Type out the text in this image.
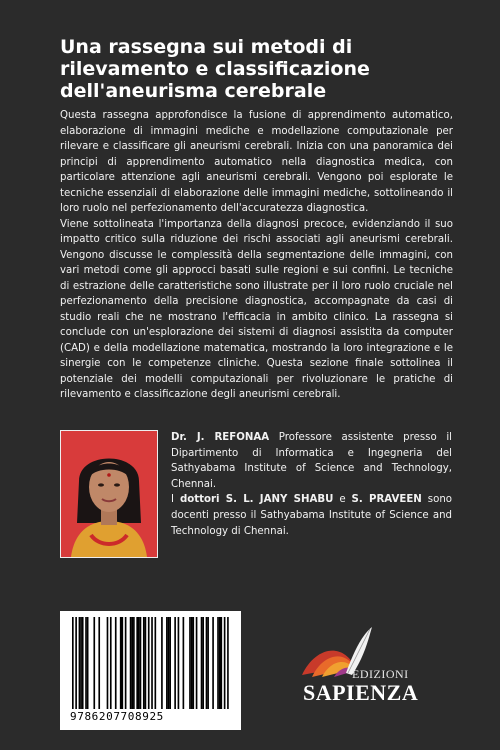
Una rassegna sui metodi di rilevamento e classificazione dell'aneurisma cerebrale

Questa rassegna approfondisce la fusione di apprendimento automatico, elaborazione di immagini mediche e modellazione computazionale per rilevare e classificare gli aneurismi cerebrali. Inizia con una panoramica dei principi di apprendimento automatico nella diagnostica medica, con particolare attenzione agli aneurismi cerebrali. Vengono poi esplorate le tecniche essenziali di elaborazione delle immagini mediche, sottolineando il loro ruolo nel perfezionamento dell'accuratezza diagnostica.

Viene sottolineata l'importanza della diagnosi precoce, evidenziando il suo impatto critico sulla riduzione dei rischi associati agli aneurismi cerebrali. Vengono discusse le complessità della segmentazione delle immagini, con vari metodi come gli approcci basati sulle regioni e sui confini. Le tecniche di estrazione delle caratteristiche sono illustrate per il loro ruolo cruciale nel perfezionamento della precisione diagnostica, accompagnate da casi di studio reali che ne mostrano l'efficacia in ambito clinico. La rassegna si conclude con un'esplorazione dei sistemi di diagnosi assistita da computer (CAD) e della modellazione matematica, mostrando la loro integrazione e le sinergie con le competenze cliniche. Questa sezione finale sottolinea il potenziale dei modelli computazionali per rivoluzionare le pratiche di rilevamento e classificazione degli aneurismi cerebrali.

Dr. J. REFONAA Professore assistente presso il Dipartimento di Informatica e Ingegneria del Sathyabama Institute of Science and Technology, Chennai.

I dottori S. L. JANY SHABU e S. PRAVEEN sono docenti presso il Sathyabama Institute of Science and Technology di Chennai.

9786207708925
EDIZIONI
SAPIENZA
